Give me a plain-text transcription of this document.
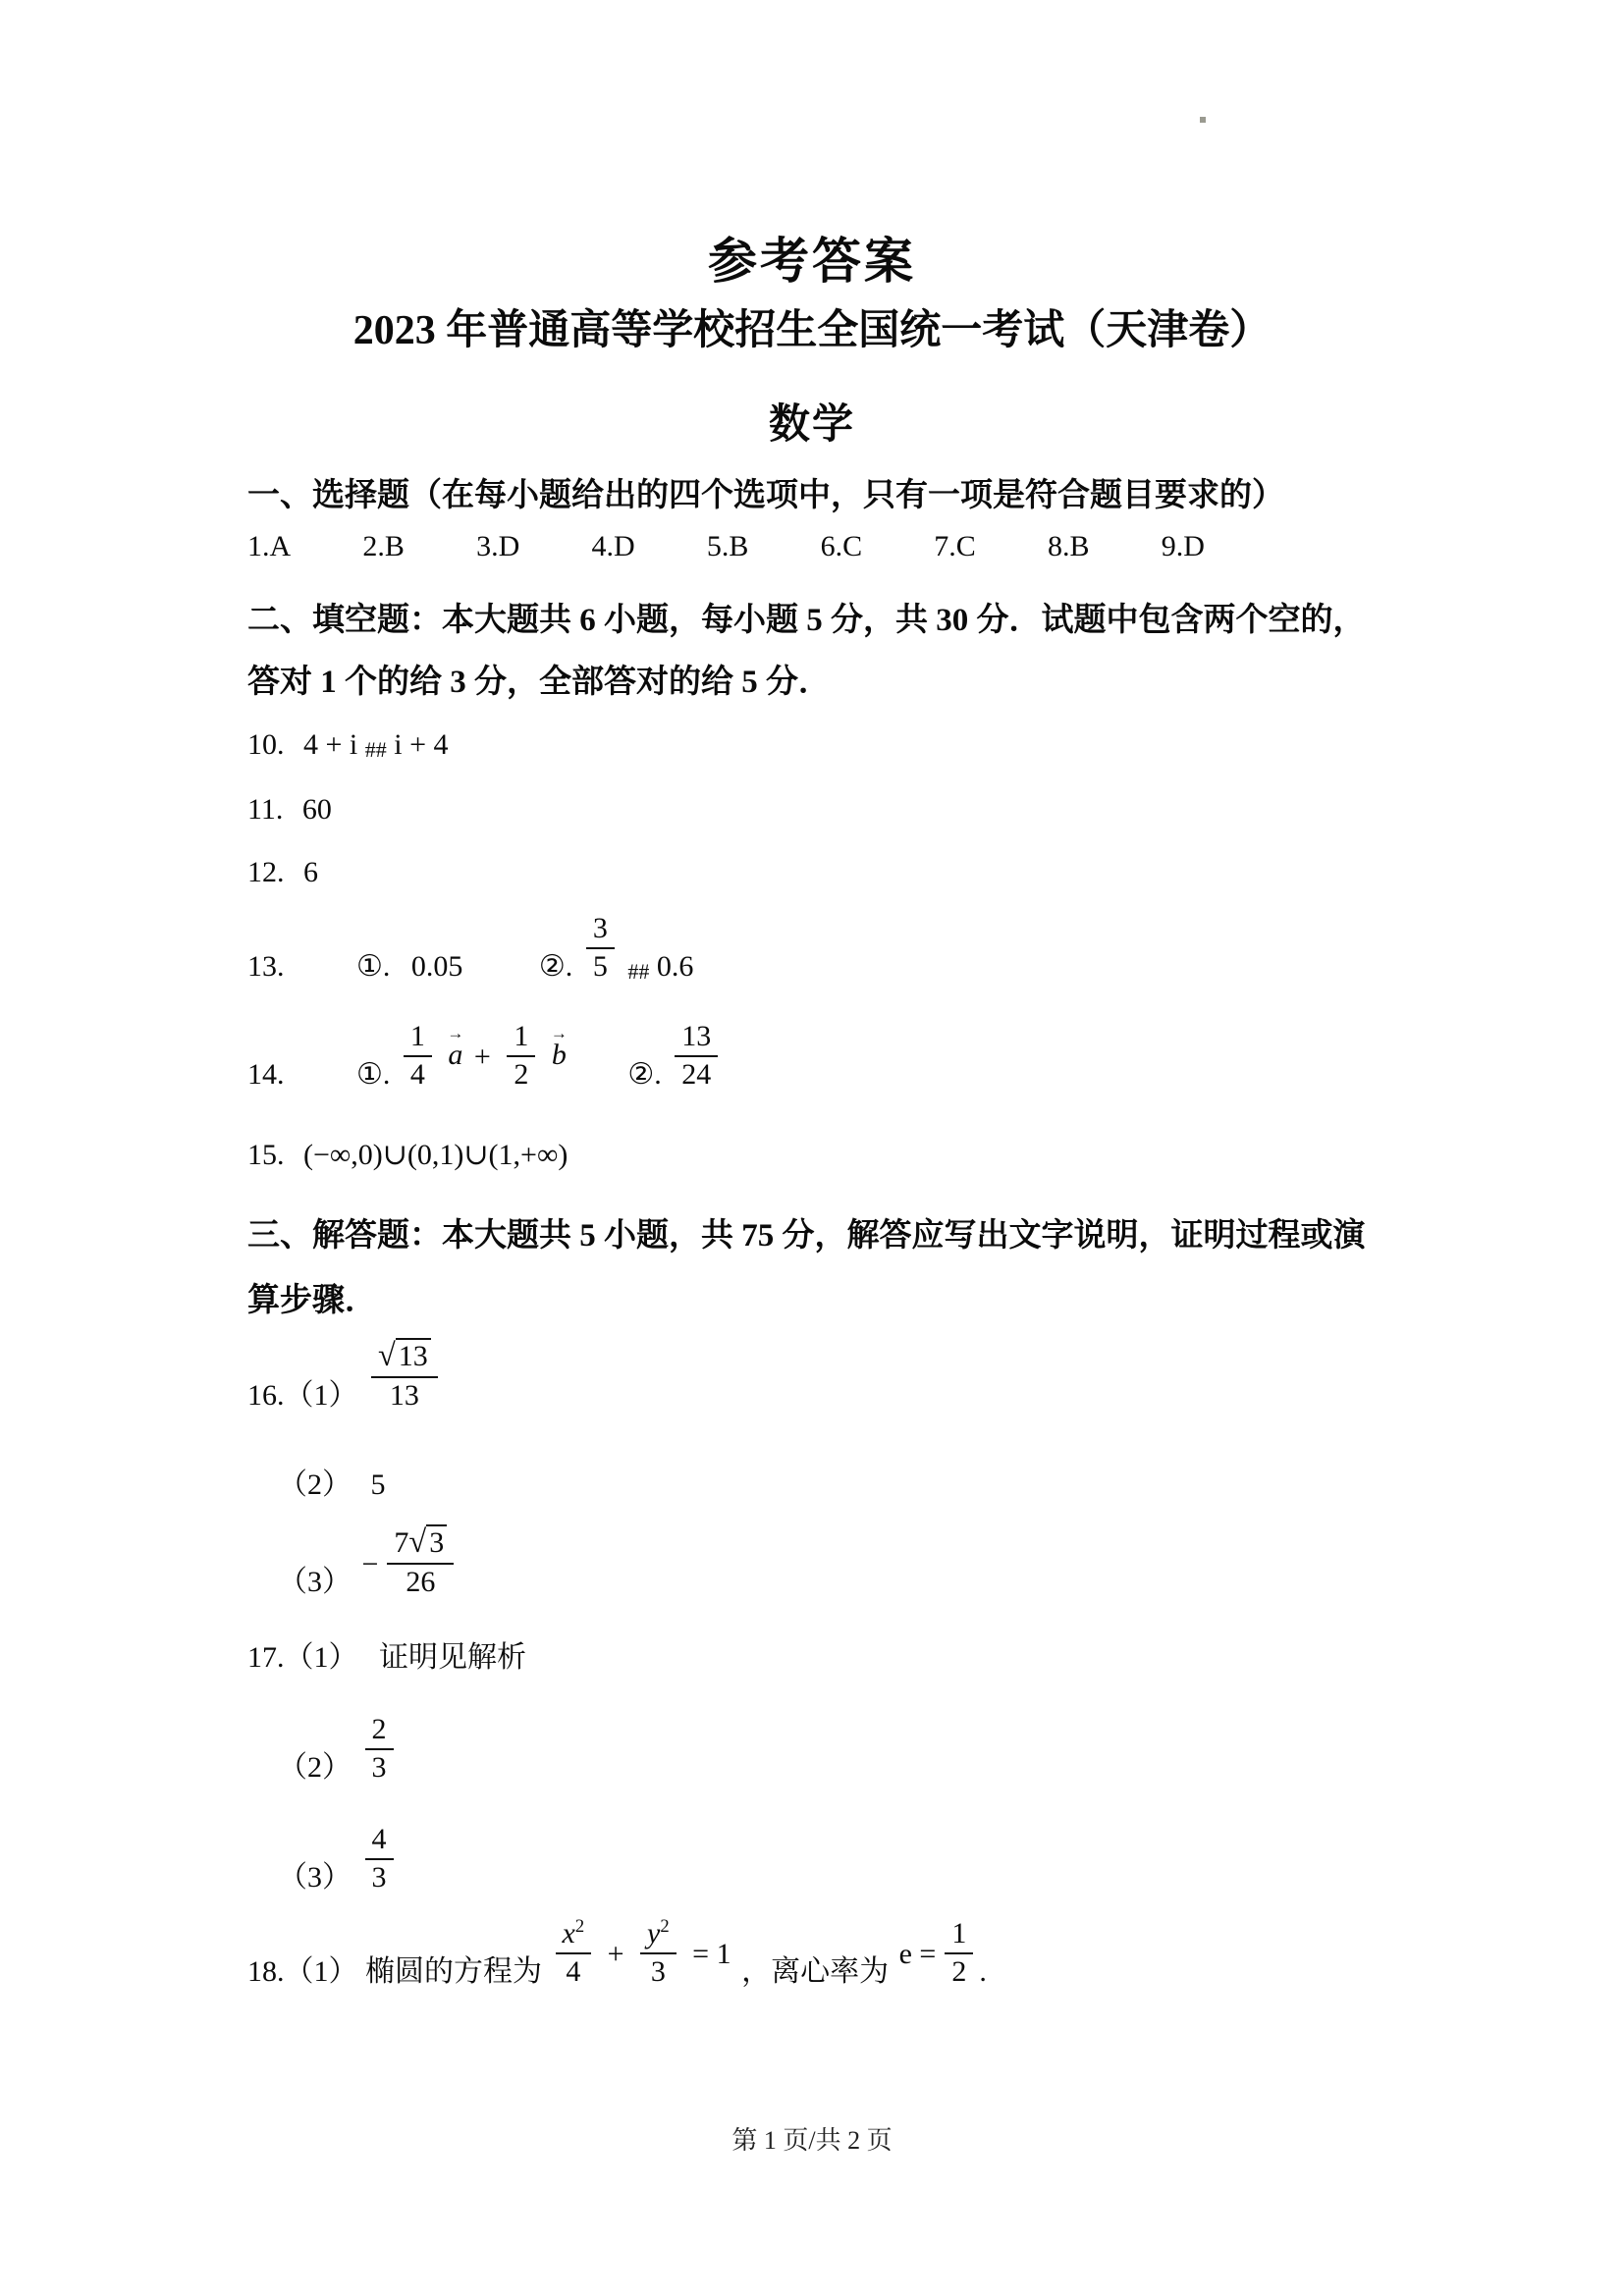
参考答案
2023 年普通高等学校招生全国统一考试（天津卷）
数学
一、选择题（在每小题给出的四个选项中，只有一项是符合题目要求的）
1.A 2.B 3.D 4.D 5.B 6.C 7.C 8.B 9.D
二、填空题：本大题共 6 小题，每小题 5 分，共 30 分．试题中包含两个空的，答对 1 个的给 3 分，全部答对的给 5 分．
10. 4 + i ## i + 4
11. 60
12. 6
13. ①. 0.05	②. $\frac{3}{5}$ ## 0.6
14. ①. $\frac{1}{4}$
→
$a + \frac{1}{2}$
→
b
②. $\frac{13}{24}$
15. (−∞,0)∪(0,1)∪(1,+∞)
三、解答题：本大题共 5 小题，共 75 分，解答应写出文字说明，证明过程或演算步骤．
$16.(1) \frac{√ 13}{13}$
（2） 5
$(3) - \frac{7√ 3}{26}$
17.（1） 证明见解析
$(2) \frac{2}{3}$
$(3) \frac{4}{3}$
18.（1） 椭圆的方程为 $\frac{x^2}{4} + \frac{y^2}{3} = 1$ ，离心率为 $e = \frac{1}{2}$ .
第 1 页/共 2 页
